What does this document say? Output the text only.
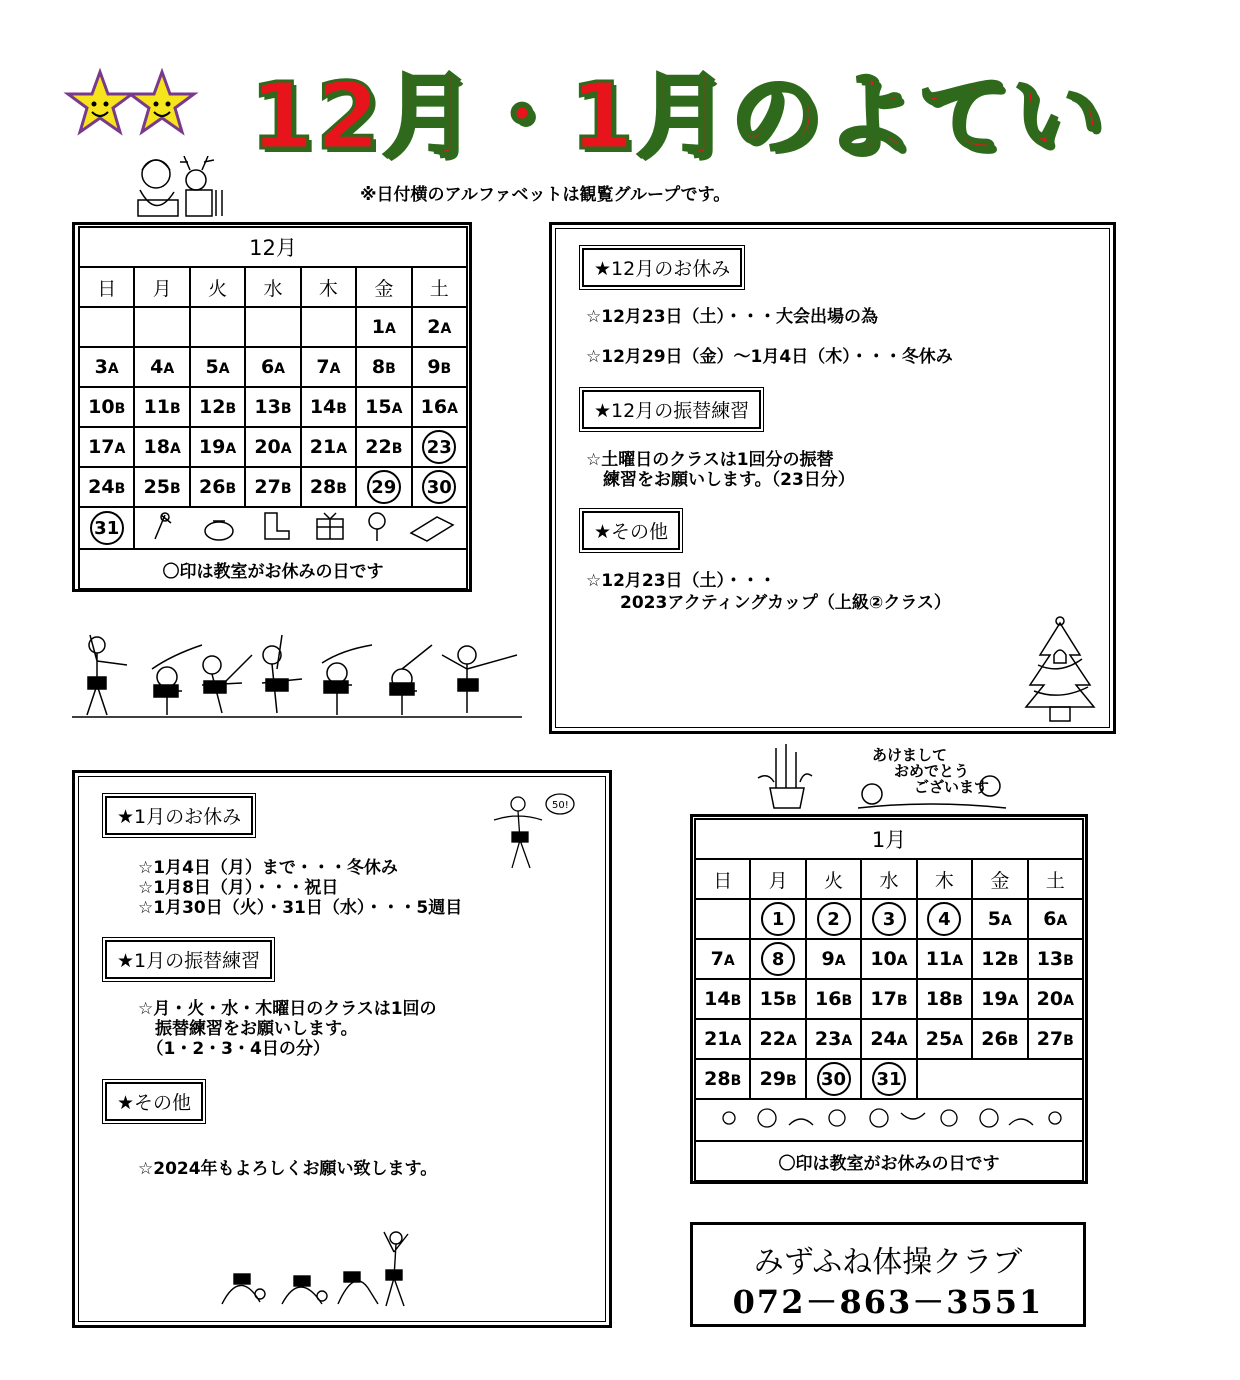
12月・1月のよてい
※日付横のアルファベットは観覧グループです。
12月						
日	月	火	水	木	金	土
					1A	2A
3A	4A	5A	6A	7A	8B	9B
10B	11B	12B	13B	14B	15A	16A
17A	18A	19A	20A	21A	22B	23
24B	25B	26B	27B	28B	29	30
31	
〇印は教室がお休みの日です						
★12月のお休み
☆12月23日（土）・・・大会出場の為
☆12月29日（金）～1月4日（木）・・・冬休み
★12月の振替練習
☆土曜日のクラスは1回分の振替
　練習をお願いします。（23日分）
★その他
☆12月23日（土）・・・
　　2023アクティングカップ（上級②クラス）
あけまして
おめでとう
ございます
1月						
日	月	火	水	木	金	土
	1	2	3	4	5A	6A
7A	8	9A	10A	11A	12B	13B
14B	15B	16B	17B	18B	19A	20A
21A	22A	23A	24A	25A	26B	27B
28B	29B	30	31			

〇印は教室がお休みの日です						
★1月のお休み
☆1月4日（月）まで・・・冬休み
☆1月8日（月）・・・祝日
☆1月30日（火）・31日（水）・・・5週目
★1月の振替練習
☆月・火・水・木曜日のクラスは1回の
　振替練習をお願いします。
　（1・2・3・4日の分）
★その他
☆2024年もよろしくお願い致します。
50!
みずふね体操クラブ
072－863－3551
